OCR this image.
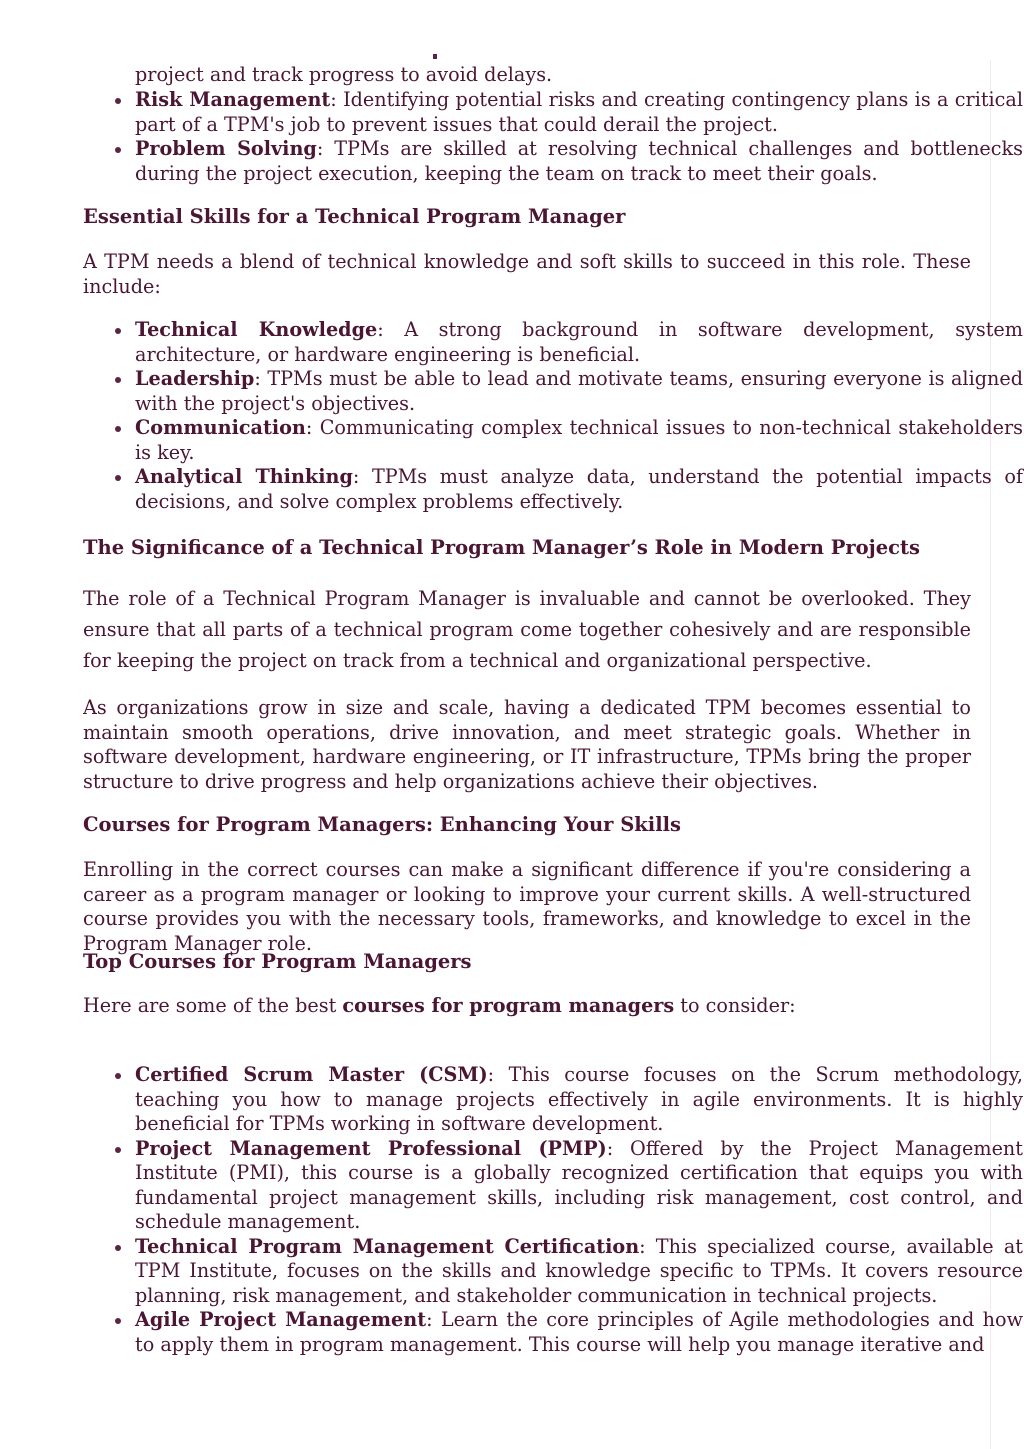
project and track progress to avoid delays.
Risk Management: Identifying potential risks and creating contingency plans is a critical part of a TPM's job to prevent issues that could derail the project.
Problem Solving: TPMs are skilled at resolving technical challenges and bottlenecks during the project execution, keeping the team on track to meet their goals.
Essential Skills for a Technical Program Manager

A TPM needs a blend of technical knowledge and soft skills to succeed in this role. These include:

Technical Knowledge: A strong background in software development, system architecture, or hardware engineering is beneficial.
Leadership: TPMs must be able to lead and motivate teams, ensuring everyone is aligned with the project's objectives.
Communication: Communicating complex technical issues to non-technical stakeholders is key.
Analytical Thinking: TPMs must analyze data, understand the potential impacts of decisions, and solve complex problems effectively.
The Significance of a Technical Program Manager’s Role in Modern Projects

The role of a Technical Program Manager is invaluable and cannot be overlooked. They ensure that all parts of a technical program come together cohesively and are responsible for keeping the project on track from a technical and organizational perspective.

As organizations grow in size and scale, having a dedicated TPM becomes essential to maintain smooth operations, drive innovation, and meet strategic goals. Whether in software development, hardware engineering, or IT infrastructure, TPMs bring the proper structure to drive progress and help organizations achieve their objectives.

Courses for Program Managers: Enhancing Your Skills

Enrolling in the correct courses can make a significant difference if you're considering a career as a program manager or looking to improve your current skills. A well-structured course provides you with the necessary tools, frameworks, and knowledge to excel in the Program Manager role.

Top Courses for Program Managers

Here are some of the best courses for program managers to consider:

Certified Scrum Master (CSM): This course focuses on the Scrum methodology, teaching you how to manage projects effectively in agile environments. It is highly beneficial for TPMs working in software development.
Project Management Professional (PMP): Offered by the Project Management Institute (PMI), this course is a globally recognized certification that equips you with fundamental project management skills, including risk management, cost control, and schedule management.
Technical Program Management Certification: This specialized course, available at TPM Institute, focuses on the skills and knowledge specific to TPMs. It covers resource planning, risk management, and stakeholder communication in technical projects.
Agile Project Management: Learn the core principles of Agile methodologies and how to apply them in program management. This course will help you manage iterative and
